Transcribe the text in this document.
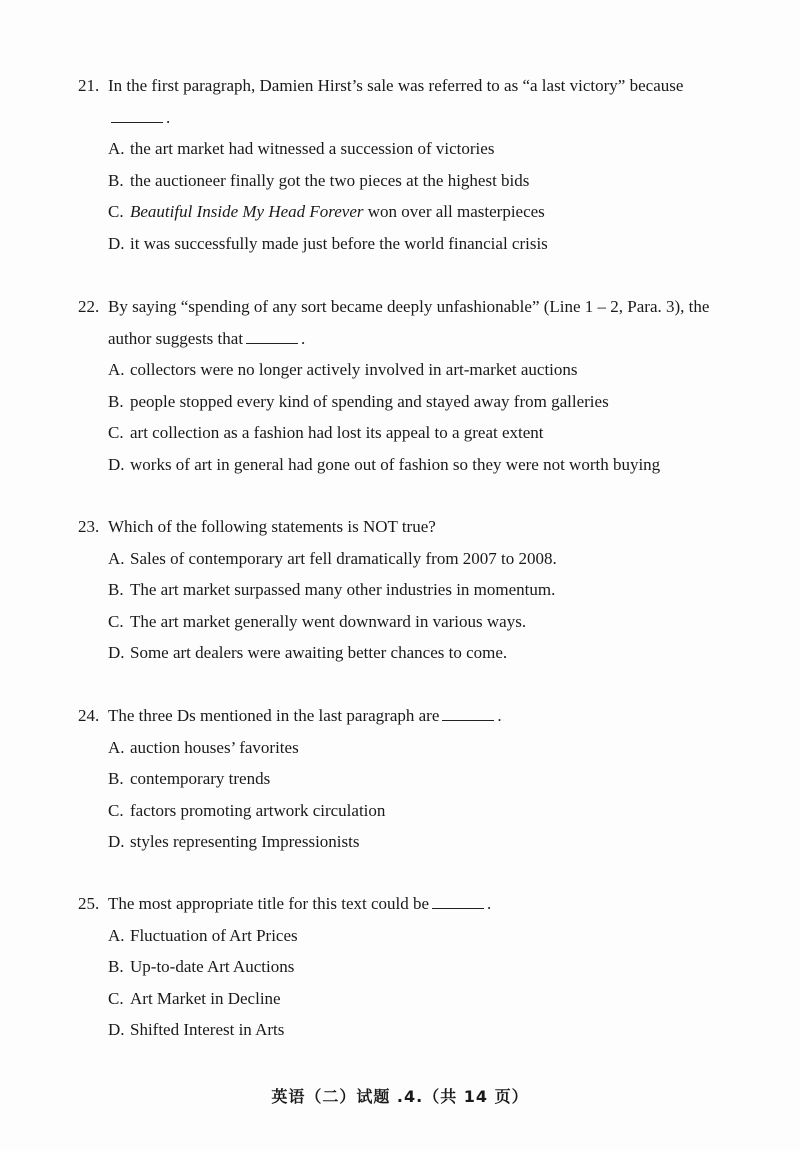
21. In the first paragraph, Damien Hirst’s sale was referred to as “a last victory” because.
A. the art market had witnessed a succession of victories
B. the auctioneer finally got the two pieces at the highest bids
C. Beautiful Inside My Head Forever won over all masterpieces
D. it was successfully made just before the world financial crisis
22. By saying “spending of any sort became deeply unfashionable” (Line 1 – 2, Para. 3), the author suggests that	.
A. collectors were no longer actively involved in art-market auctions
B. people stopped every kind of spending and stayed away from galleries
C. art collection as a fashion had lost its appeal to a great extent
D. works of art in general had gone out of fashion so they were not worth buying
23. Which of the following statements is NOT true?
A. Sales of contemporary art fell dramatically from 2007 to 2008.
B. The art market surpassed many other industries in momentum.
C. The art market generally went downward in various ways.
D. Some art dealers were awaiting better chances to come.
24. The three Ds mentioned in the last paragraph are	.
A. auction houses’ favorites
B. contemporary trends
C. factors promoting artwork circulation
D. styles representing Impressionists
25. The most appropriate title for this text could be	.
A. Fluctuation of Art Prices
B. Up-to-date Art Auctions
C. Art Market in Decline
D. Shifted Interest in Arts
英语（二）试题 .4.（共 14 页）
